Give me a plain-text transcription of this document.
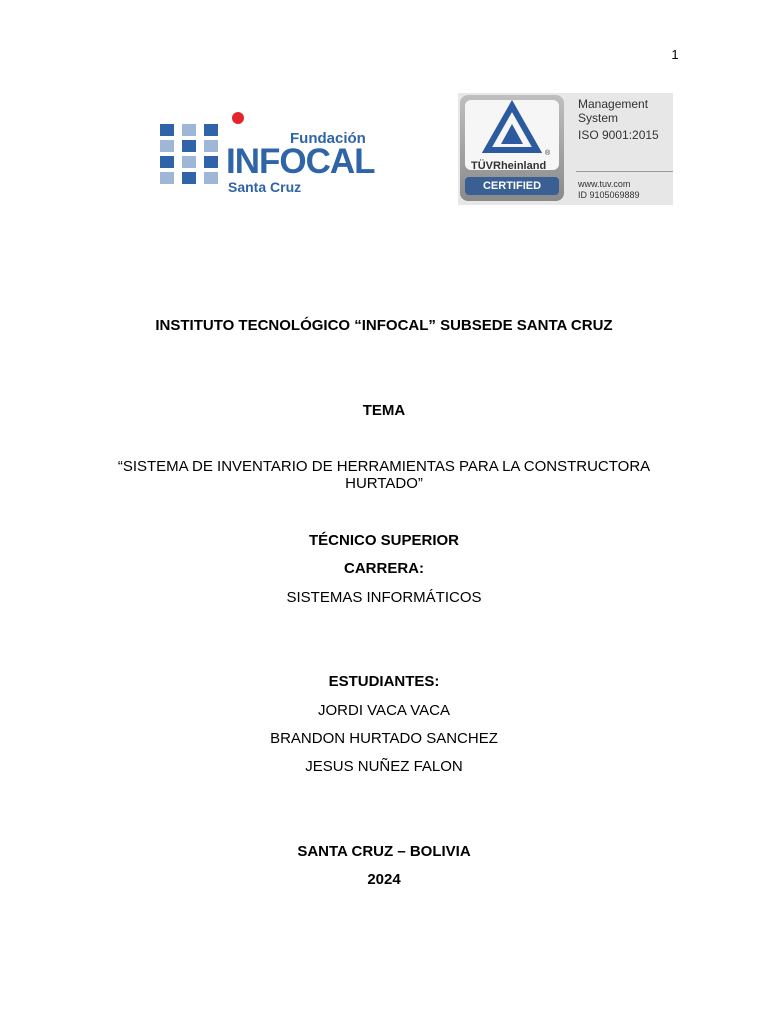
1
Fundación
INFOCAL
Santa Cruz
TÜVRheinland
®
CERTIFIED
Management
System
ISO 9001:2015
www.tuv.com
ID 9105069889
INSTITUTO TECNOLÓGICO “INFOCAL” SUBSEDE SANTA CRUZ
TEMA
“SISTEMA DE INVENTARIO DE HERRAMIENTAS PARA LA CONSTRUCTORA
HURTADO”
TÉCNICO SUPERIOR
CARRERA:
SISTEMAS INFORMÁTICOS
ESTUDIANTES:
JORDI VACA VACA
BRANDON HURTADO SANCHEZ
JESUS NUÑEZ FALON
SANTA CRUZ – BOLIVIA
2024
